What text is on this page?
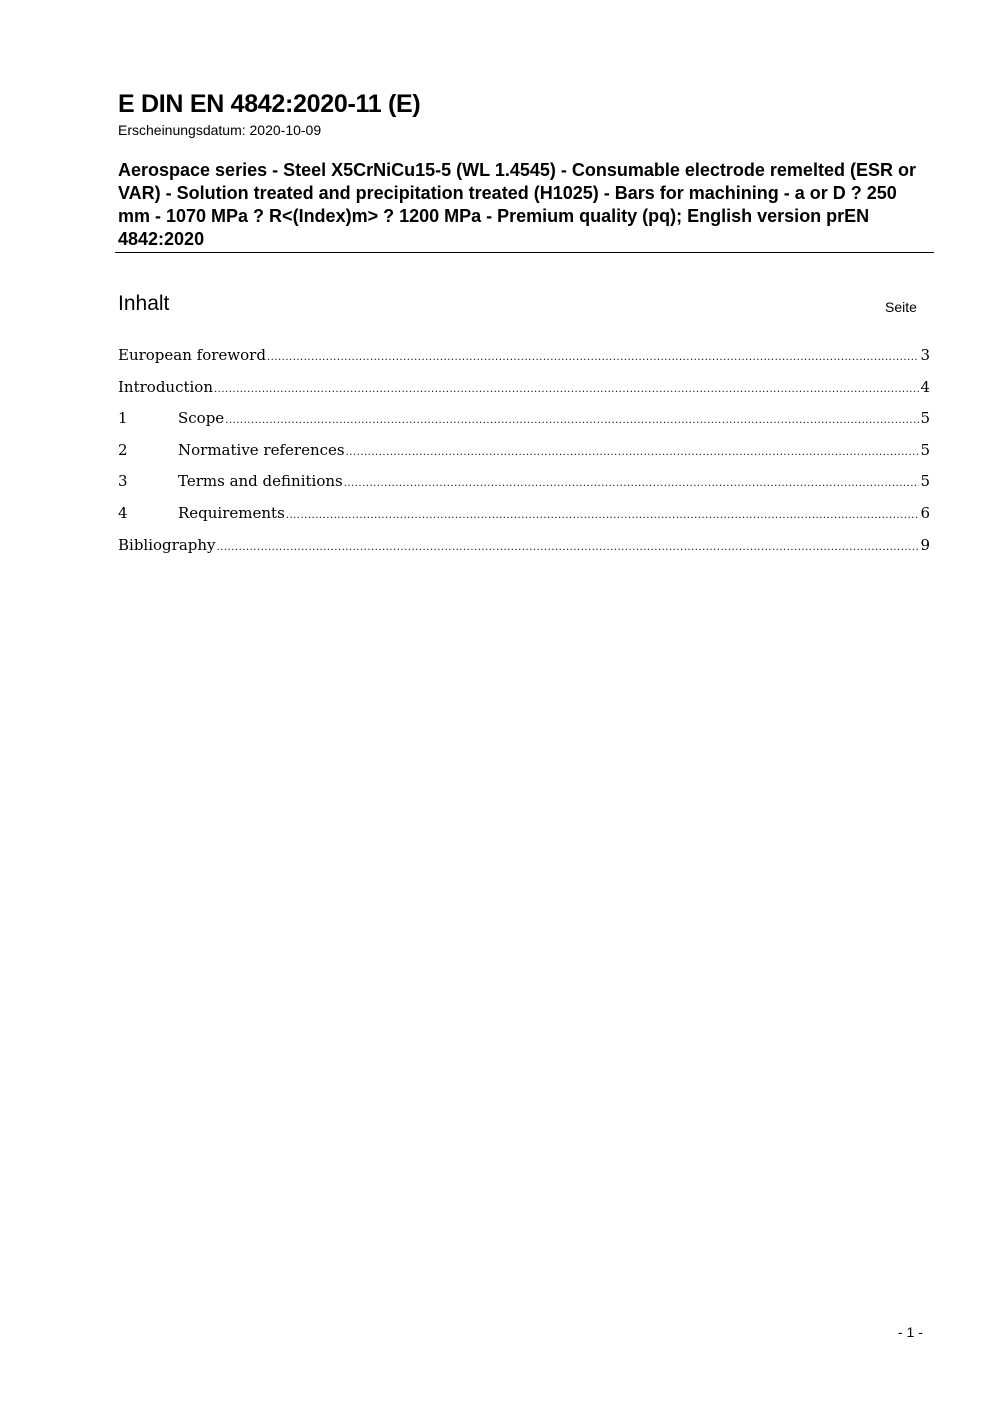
E DIN EN 4842:2020-11 (E)
Erscheinungsdatum: 2020-10-09
Aerospace series - Steel X5CrNiCu15-5 (WL 1.4545) - Consumable electrode remelted (ESR or VAR) - Solution treated and precipitation treated (H1025) - Bars for machining - a or D ? 250 mm - 1070 MPa ? R<(Index)m> ? 1200 MPa - Premium quality (pq); English version prEN 4842:2020
Inhalt	Seite
European foreword .....	3
Introduction .....	4
1	Scope .....	5
2	Normative references .....	5
3	Terms and definitions .....	5
4	Requirements .....	6
Bibliography .....	9
- 1 -
